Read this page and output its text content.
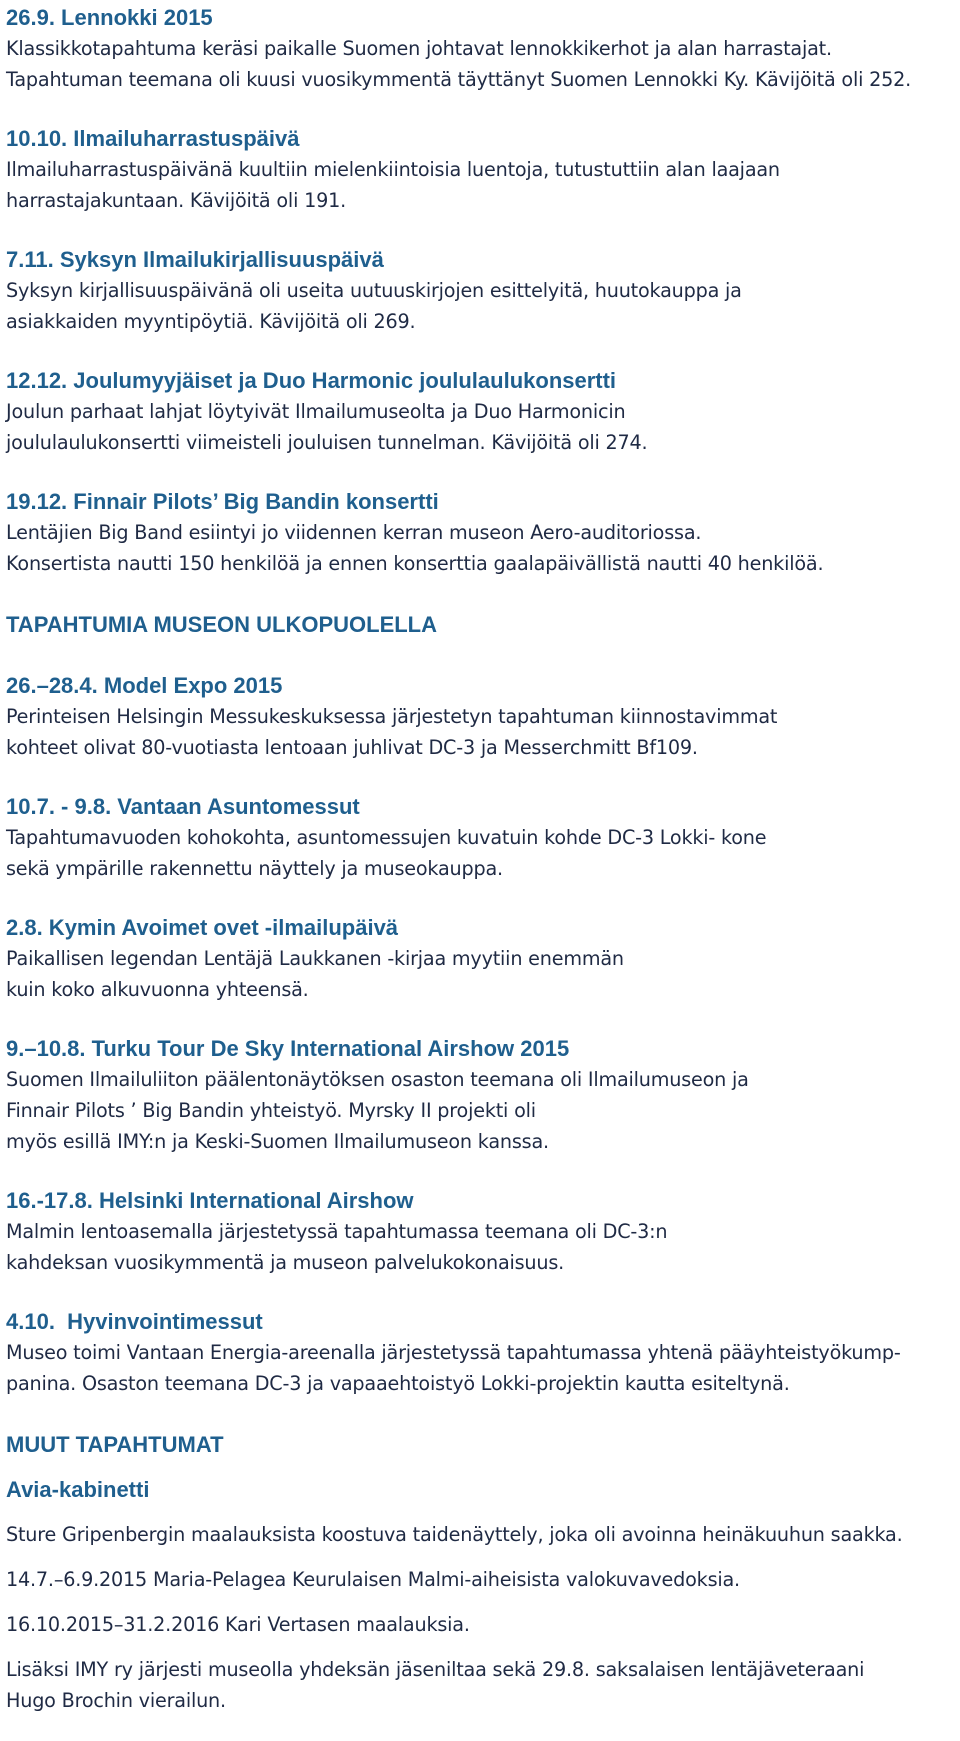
26.9. Lennokki 2015

Klassikkotapahtuma keräsi paikalle Suomen johtavat lennokkikerhot ja alan harrastajat.
Tapahtuman teemana oli kuusi vuosikymmentä täyttänyt Suomen Lennokki Ky. Kävijöitä oli 252.

10.10. Ilmailuharrastuspäivä

Ilmailuharrastuspäivänä kuultiin mielenkiintoisia luentoja, tutustuttiin alan laajaan
harrastajakuntaan. Kävijöitä oli 191.

7.11. Syksyn Ilmailukirjallisuuspäivä

Syksyn kirjallisuuspäivänä oli useita uutuuskirjojen esittelyitä, huutokauppa ja
asiakkaiden myyntipöytiä. Kävijöitä oli 269.

12.12. Joulumyyjäiset ja Duo Harmonic joululaulukonsertti

Joulun parhaat lahjat löytyivät Ilmailumuseolta ja Duo Harmonicin
joululaulukonsertti viimeisteli jouluisen tunnelman. Kävijöitä oli 274.

19.12. Finnair Pilots’ Big Bandin konsertti

Lentäjien Big Band esiintyi jo viidennen kerran museon Aero-auditoriossa.
Konsertista nautti 150 henkilöä ja ennen konserttia gaalapäivällistä nautti 40 henkilöä.

TAPAHTUMIA MUSEON ULKOPUOLELLA

26.–28.4. Model Expo 2015

Perinteisen Helsingin Messukeskuksessa järjestetyn tapahtuman kiinnostavimmat
kohteet olivat 80-vuotiasta lentoaan juhlivat DC-3 ja Messerchmitt Bf109.

10.7. - 9.8. Vantaan Asuntomessut

Tapahtumavuoden kohokohta, asuntomessujen kuvatuin kohde DC-3 Lokki- kone
sekä ympärille rakennettu näyttely ja museokauppa.

2.8. Kymin Avoimet ovet -ilmailupäivä

Paikallisen legendan Lentäjä Laukkanen -kirjaa myytiin enemmän
kuin koko alkuvuonna yhteensä.

9.–10.8. Turku Tour De Sky International Airshow 2015

Suomen Ilmailuliiton päälentonäytöksen osaston teemana oli Ilmailumuseon ja
Finnair Pilots ’ Big Bandin yhteistyö. Myrsky II projekti oli
myös esillä IMY:n ja Keski-Suomen Ilmailumuseon kanssa.

16.-17.8. Helsinki International Airshow

Malmin lentoasemalla järjestetyssä tapahtumassa teemana oli DC-3:n
kahdeksan vuosikymmentä ja museon palvelukokonaisuus.

4.10.  Hyvinvointimessut

Museo toimi Vantaan Energia-areenalla järjestetyssä tapahtumassa yhtenä pääyhteistyökump-
panina. Osaston teemana DC-3 ja vapaaehtoistyö Lokki-projektin kautta esiteltynä.

MUUT TAPAHTUMAT

Avia-kabinetti

Sture Gripenbergin maalauksista koostuva taidenäyttely, joka oli avoinna heinäkuuhun saakka.

14.7.–6.9.2015 Maria-Pelagea Keurulaisen Malmi-aiheisista valokuvavedoksia.

16.10.2015–31.2.2016 Kari Vertasen maalauksia.

Lisäksi IMY ry järjesti museolla yhdeksän jäseniltaa sekä 29.8. saksalaisen lentäjäveteraani
Hugo Brochin vierailun.
